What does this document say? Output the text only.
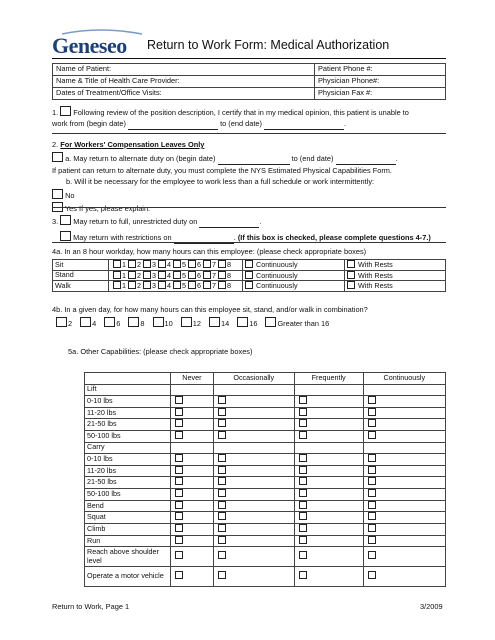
Geneseo Return to Work Form: Medical Authorization
Name of Patient:	Patient Phone #:
Name & Title of Health Care Provider:	Physician Phone#:
Dates of Treatment/Office Visits:	Physician Fax #:
1. Following review of the position description, I certify that in my medical opinion, this patient is unable to
work from (begin date)	to (end date)	.
2. For Workers' Compensation Leaves Only
a. May return to alternate duty on (begin date)	to (end date)	.
If patient can return to alternate duty, you must complete the NYS Estimated Physical Capabilities Form.
b. Will it be necessary for the employee to work less than a full schedule or work intermittently:
No
Yes If yes, please explain:
3. May return to full, unrestricted duty on	.
May return with restrictions on	. (If this box is checked, please complete questions 4-7.)
4a. In an 8 hour workday, how many hours can this employee: (please check appropriate boxes)
Sit	1 2 3 4 5 6 7 8	Continuously	With Rests
Stand	1 2 3 4 5 6 7 8	Continuously	With Rests
Walk	1 2 3 4 5 6 7 8	Continuously	With Rests
4b. In a given day, for how many hours can this employee sit, stand, and/or walk in combination?
2	4	6	8	10	12	14	16	Greater than 16
5a. Other Capabilities: (please check appropriate boxes)
	Never	Occasionally	Frequently	Continuously
Lift				
0-10 lbs				
11-20 lbs				
21-50 lbs				
50-100 lbs				
Carry				
0-10 lbs				
11-20 lbs				
21-50 lbs				
50-100 lbs				
Bend				
Squat				
Climb				
Run				
Reach above shoulder level				
Operate a motor vehicle				
Return to Work, Page 1	3/2009
